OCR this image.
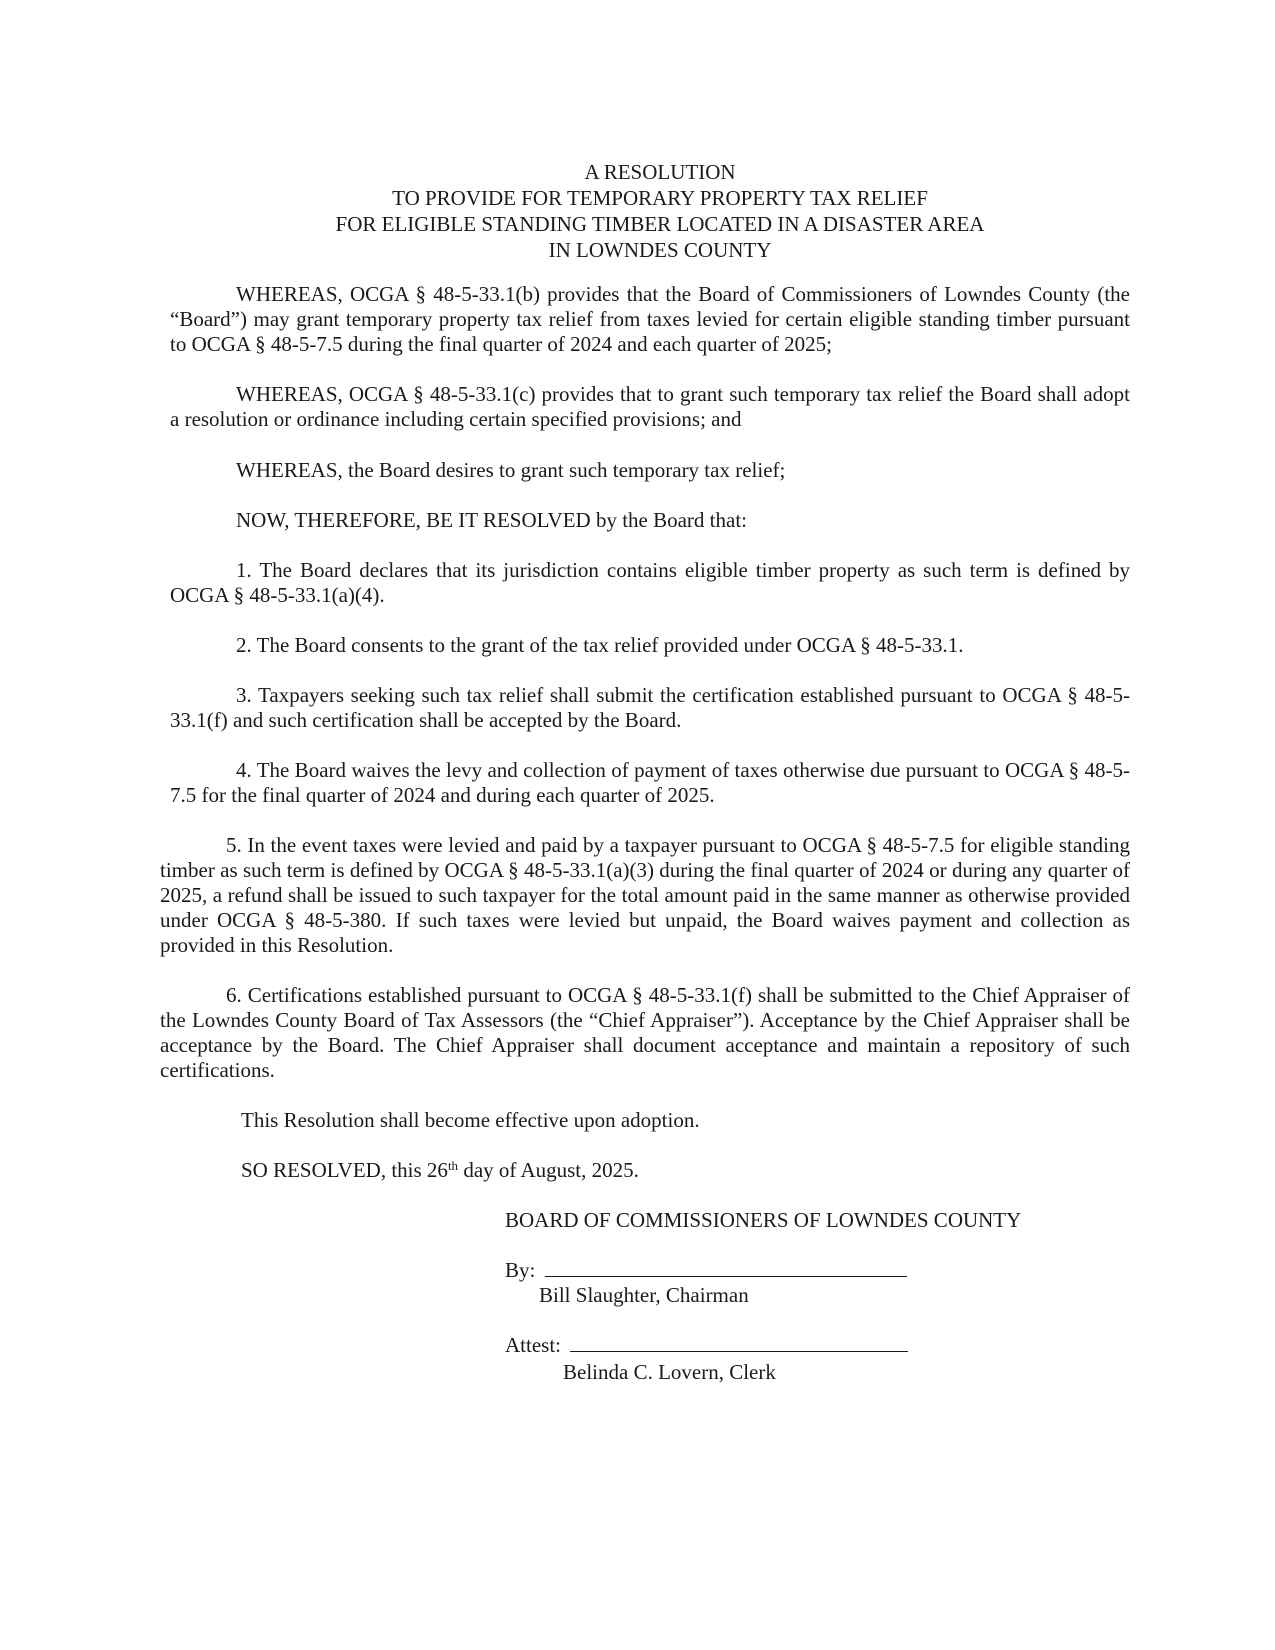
A RESOLUTION
TO PROVIDE FOR TEMPORARY PROPERTY TAX RELIEF
FOR ELIGIBLE STANDING TIMBER LOCATED IN A DISASTER AREA
IN LOWNDES COUNTY
WHEREAS, OCGA § 48-5-33.1(b) provides that the Board of Commissioners of Lowndes County (the “Board”) may grant temporary property tax relief from taxes levied for certain eligible standing timber pursuant to OCGA § 48-5-7.5 during the final quarter of 2024 and each quarter of 2025;
WHEREAS, OCGA § 48-5-33.1(c) provides that to grant such temporary tax relief the Board shall adopt a resolution or ordinance including certain specified provisions; and
WHEREAS, the Board desires to grant such temporary tax relief;
NOW, THEREFORE, BE IT RESOLVED by the Board that:
1. The Board declares that its jurisdiction contains eligible timber property as such term is defined by OCGA § 48-5-33.1(a)(4).
2. The Board consents to the grant of the tax relief provided under OCGA § 48-5-33.1.
3. Taxpayers seeking such tax relief shall submit the certification established pursuant to OCGA § 48-5-33.1(f) and such certification shall be accepted by the Board.
4. The Board waives the levy and collection of payment of taxes otherwise due pursuant to OCGA § 48-5-7.5 for the final quarter of 2024 and during each quarter of 2025.
5. In the event taxes were levied and paid by a taxpayer pursuant to OCGA § 48-5-7.5 for eligible standing timber as such term is defined by OCGA § 48-5-33.1(a)(3) during the final quarter of 2024 or during any quarter of 2025, a refund shall be issued to such taxpayer for the total amount paid in the same manner as otherwise provided under OCGA § 48-5-380. If such taxes were levied but unpaid, the Board waives payment and collection as provided in this Resolution.
6. Certifications established pursuant to OCGA § 48-5-33.1(f) shall be submitted to the Chief Appraiser of the Lowndes County Board of Tax Assessors (the “Chief Appraiser”). Acceptance by the Chief Appraiser shall be acceptance by the Board. The Chief Appraiser shall document acceptance and maintain a repository of such certifications.
This Resolution shall become effective upon adoption.
SO RESOLVED, this 26th day of August, 2025.
BOARD OF COMMISSIONERS OF LOWNDES COUNTY
By:
Bill Slaughter, Chairman
Attest:
Belinda C. Lovern, Clerk
